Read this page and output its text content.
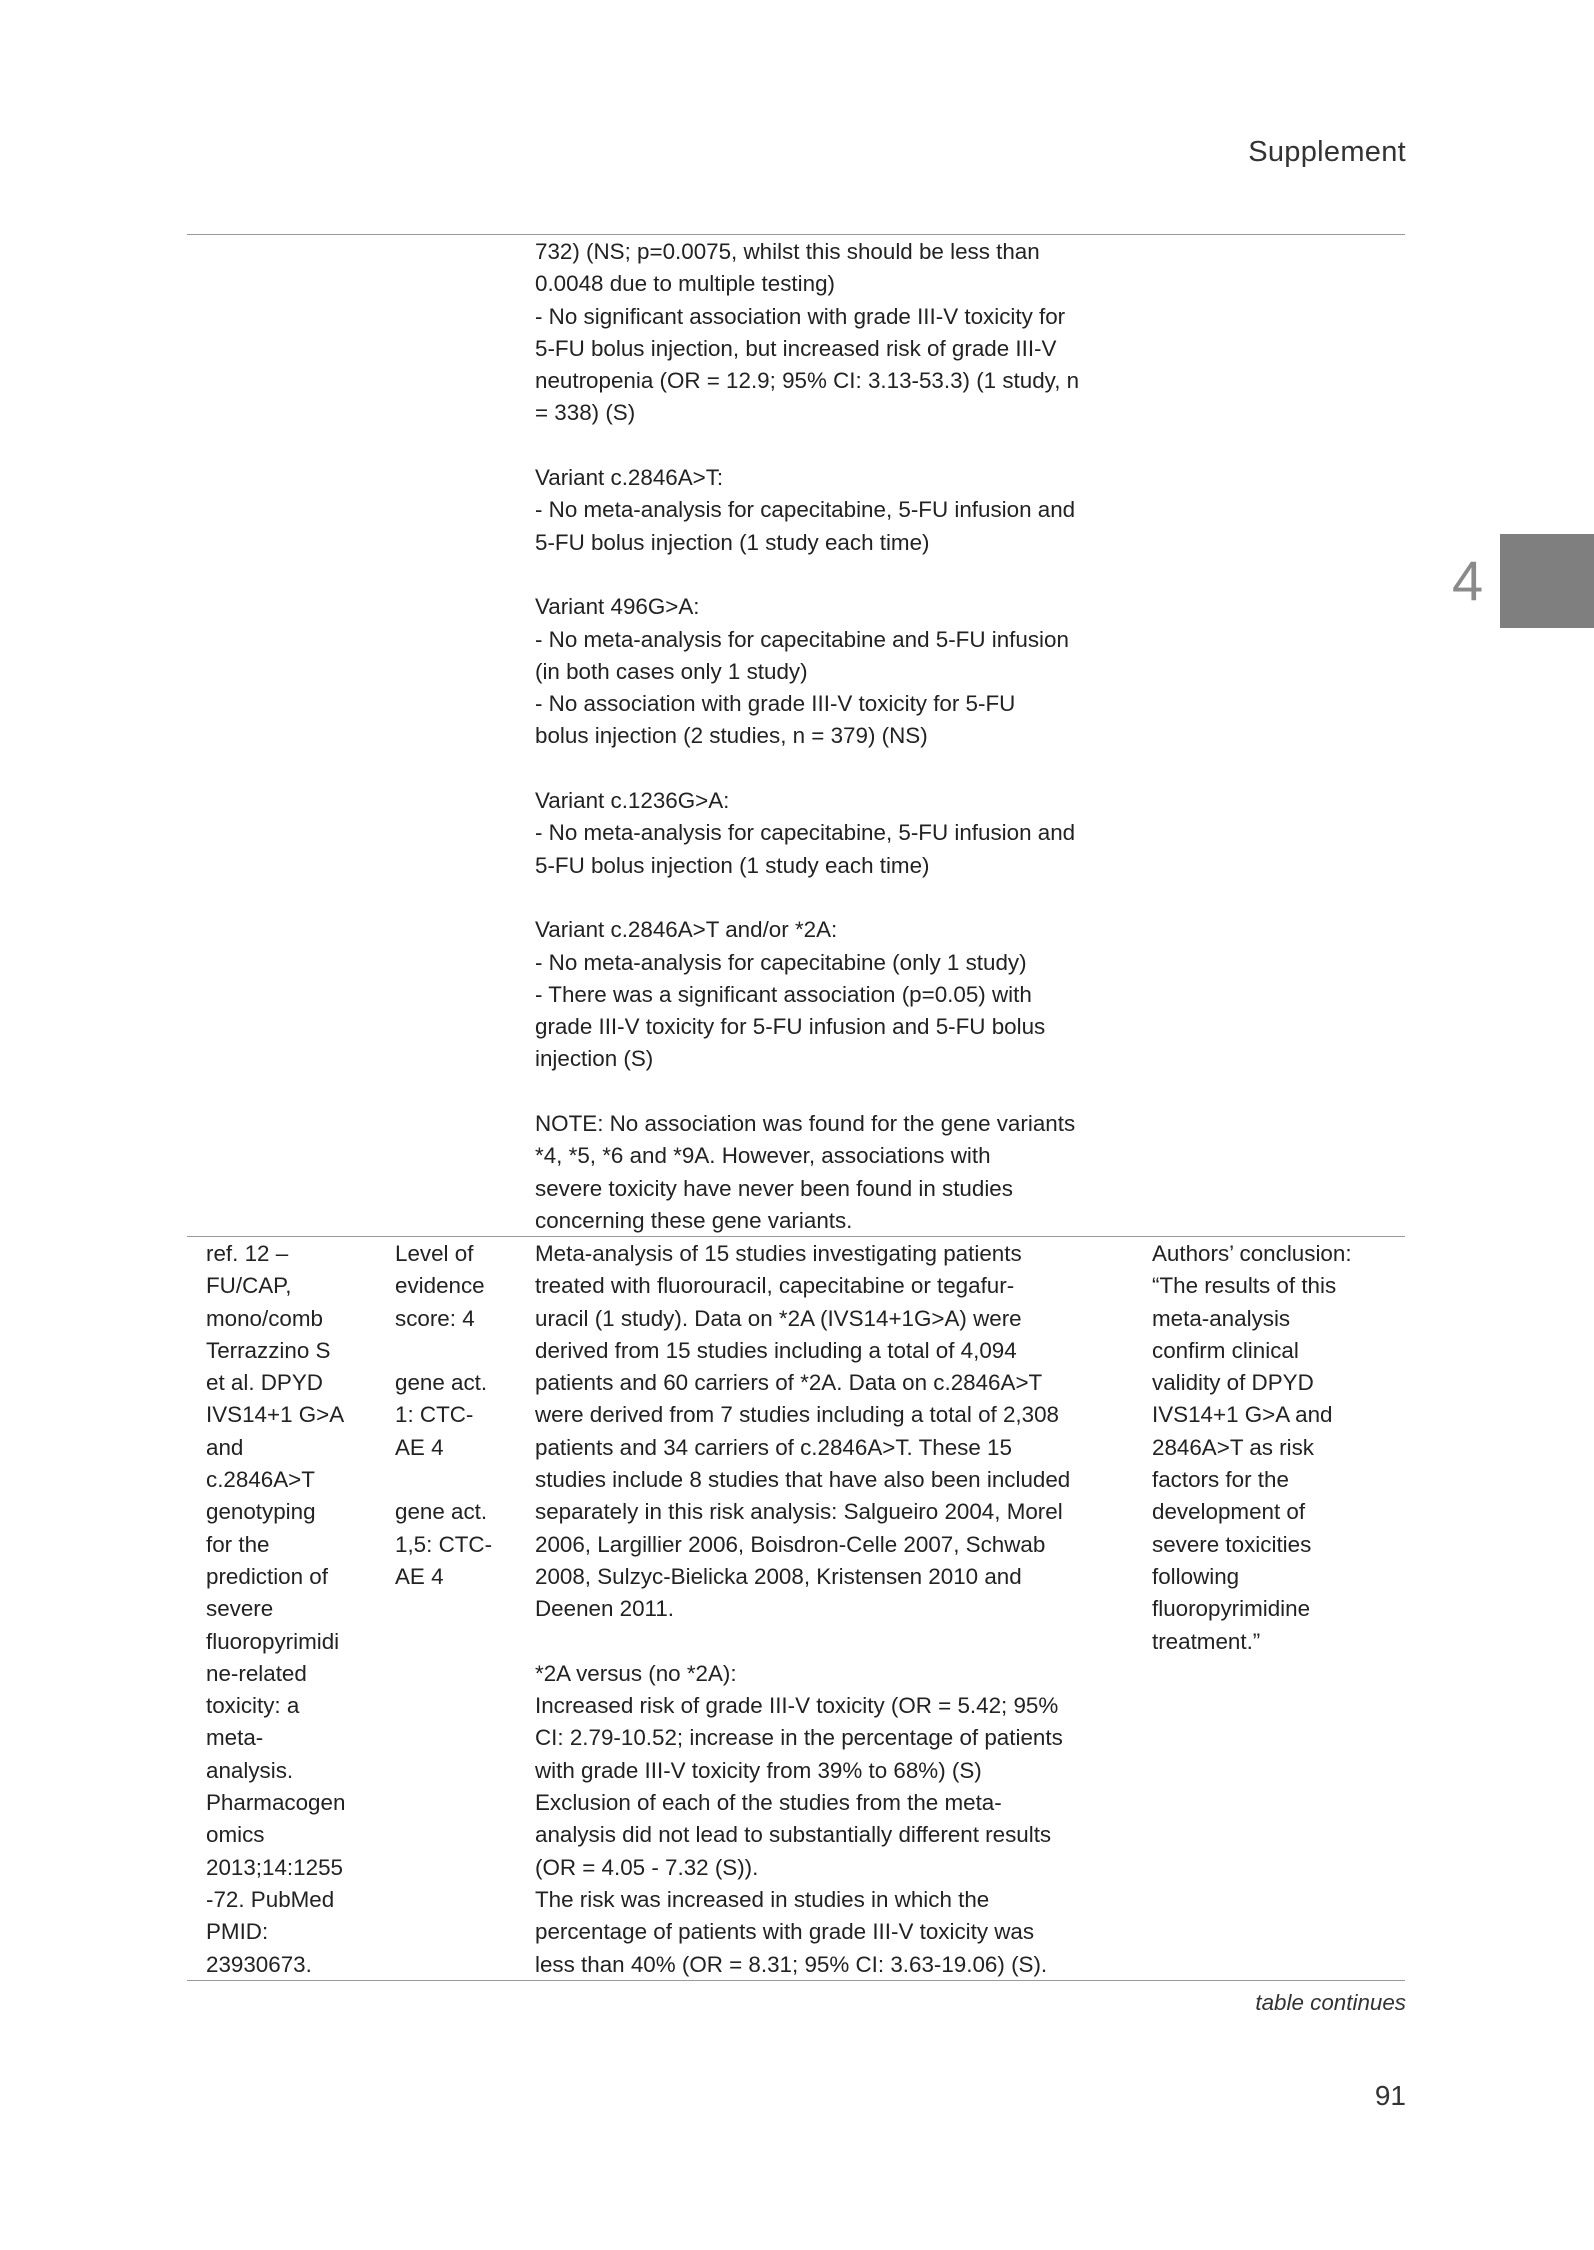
Supplement
4
732) (NS; p=0.0075, whilst this should be less than
0.0048 due to multiple testing)
- No significant association with grade III-V toxicity for
5-FU bolus injection, but increased risk of grade III-V
neutropenia (OR = 12.9; 95% CI: 3.13-53.3) (1 study, n
= 338) (S)
Variant c.2846A>T:
- No meta-analysis for capecitabine, 5-FU infusion and
5-FU bolus injection (1 study each time)
Variant 496G>A:
- No meta-analysis for capecitabine and 5-FU infusion
(in both cases only 1 study)
- No association with grade III-V toxicity for 5-FU
bolus injection (2 studies, n = 379) (NS)
Variant c.1236G>A:
- No meta-analysis for capecitabine, 5-FU infusion and
5-FU bolus injection (1 study each time)
Variant c.2846A>T and/or *2A:
- No meta-analysis for capecitabine (only 1 study)
- There was a significant association (p=0.05) with
grade III-V toxicity for 5-FU infusion and 5-FU bolus
injection (S)
NOTE: No association was found for the gene variants
*4, *5, *6 and *9A. However, associations with
severe toxicity have never been found in studies
concerning these gene variants.
ref. 12 –
FU/CAP,
mono/comb
Terrazzino S
et al. DPYD
IVS14+1 G>A
and
c.2846A>T
genotyping
for the
prediction of
severe
fluoropyrimidi
ne-related
toxicity: a
meta-
analysis.
Pharmacogen
omics
2013;14:1255
-72. PubMed
PMID:
23930673.
Level of
evidence
score: 4
gene act.
1: CTC-
AE 4
gene act.
1,5: CTC-
AE 4
Meta-analysis of 15 studies investigating patients
treated with fluorouracil, capecitabine or tegafur-
uracil (1 study). Data on *2A (IVS14+1G>A) were
derived from 15 studies including a total of 4,094
patients and 60 carriers of *2A. Data on c.2846A>T
were derived from 7 studies including a total of 2,308
patients and 34 carriers of c.2846A>T. These 15
studies include 8 studies that have also been included
separately in this risk analysis: Salgueiro 2004, Morel
2006, Largillier 2006, Boisdron-Celle 2007, Schwab
2008, Sulzyc-Bielicka 2008, Kristensen 2010 and
Deenen 2011.
*2A versus (no *2A):
Increased risk of grade III-V toxicity (OR = 5.42; 95%
CI: 2.79-10.52; increase in the percentage of patients
with grade III-V toxicity from 39% to 68%) (S)
Exclusion of each of the studies from the meta-
analysis did not lead to substantially different results
(OR = 4.05 - 7.32 (S)).
The risk was increased in studies in which the
percentage of patients with grade III-V toxicity was
less than 40% (OR = 8.31; 95% CI: 3.63-19.06) (S).
Authors’ conclusion:
“The results of this
meta-analysis
confirm clinical
validity of DPYD
IVS14+1 G>A and
2846A>T as risk
factors for the
development of
severe toxicities
following
fluoropyrimidine
treatment.”
table continues
91
